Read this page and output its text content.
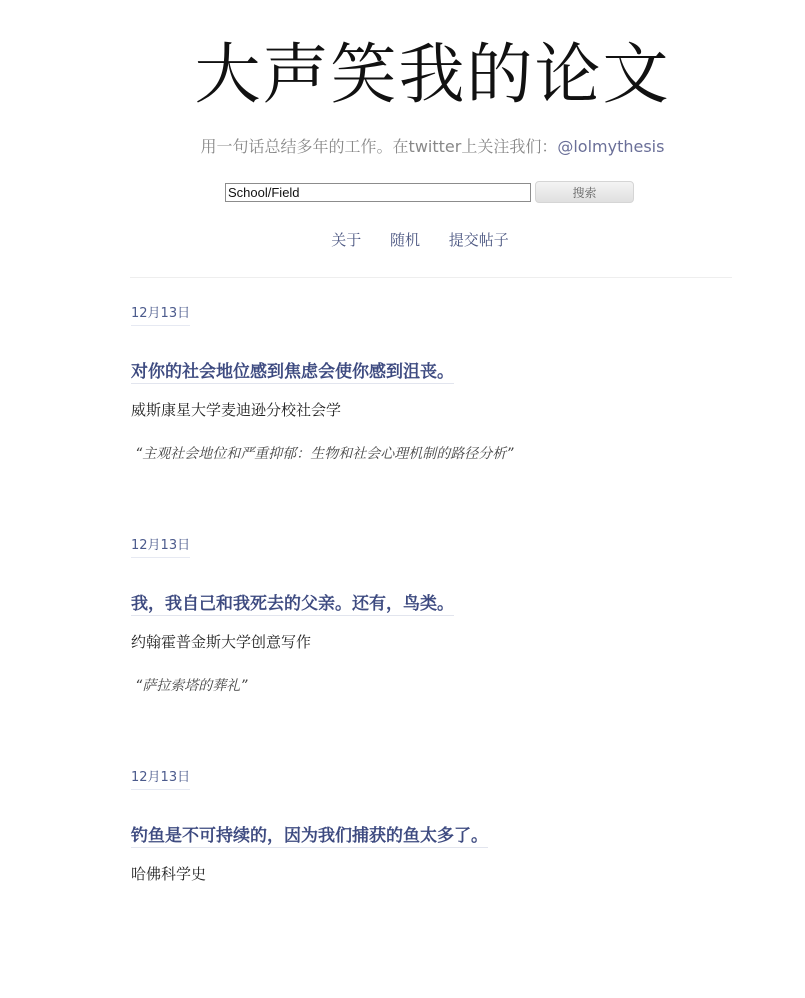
大声笑我的论文
用一句话总结多年的工作。在twitter上关注我们：@lolmythesis
School/Field
搜索
关于 随机 提交帖子
12月13日
对你的社会地位感到焦虑会使你感到沮丧。
威斯康星大学麦迪逊分校社会学
“主观社会地位和严重抑郁：生物和社会心理机制的路径分析”
12月13日
我，我自己和我死去的父亲。还有，鸟类。
约翰霍普金斯大学创意写作
“萨拉索塔的葬礼”
12月13日
钓鱼是不可持续的，因为我们捕获的鱼太多了。
哈佛科学史
